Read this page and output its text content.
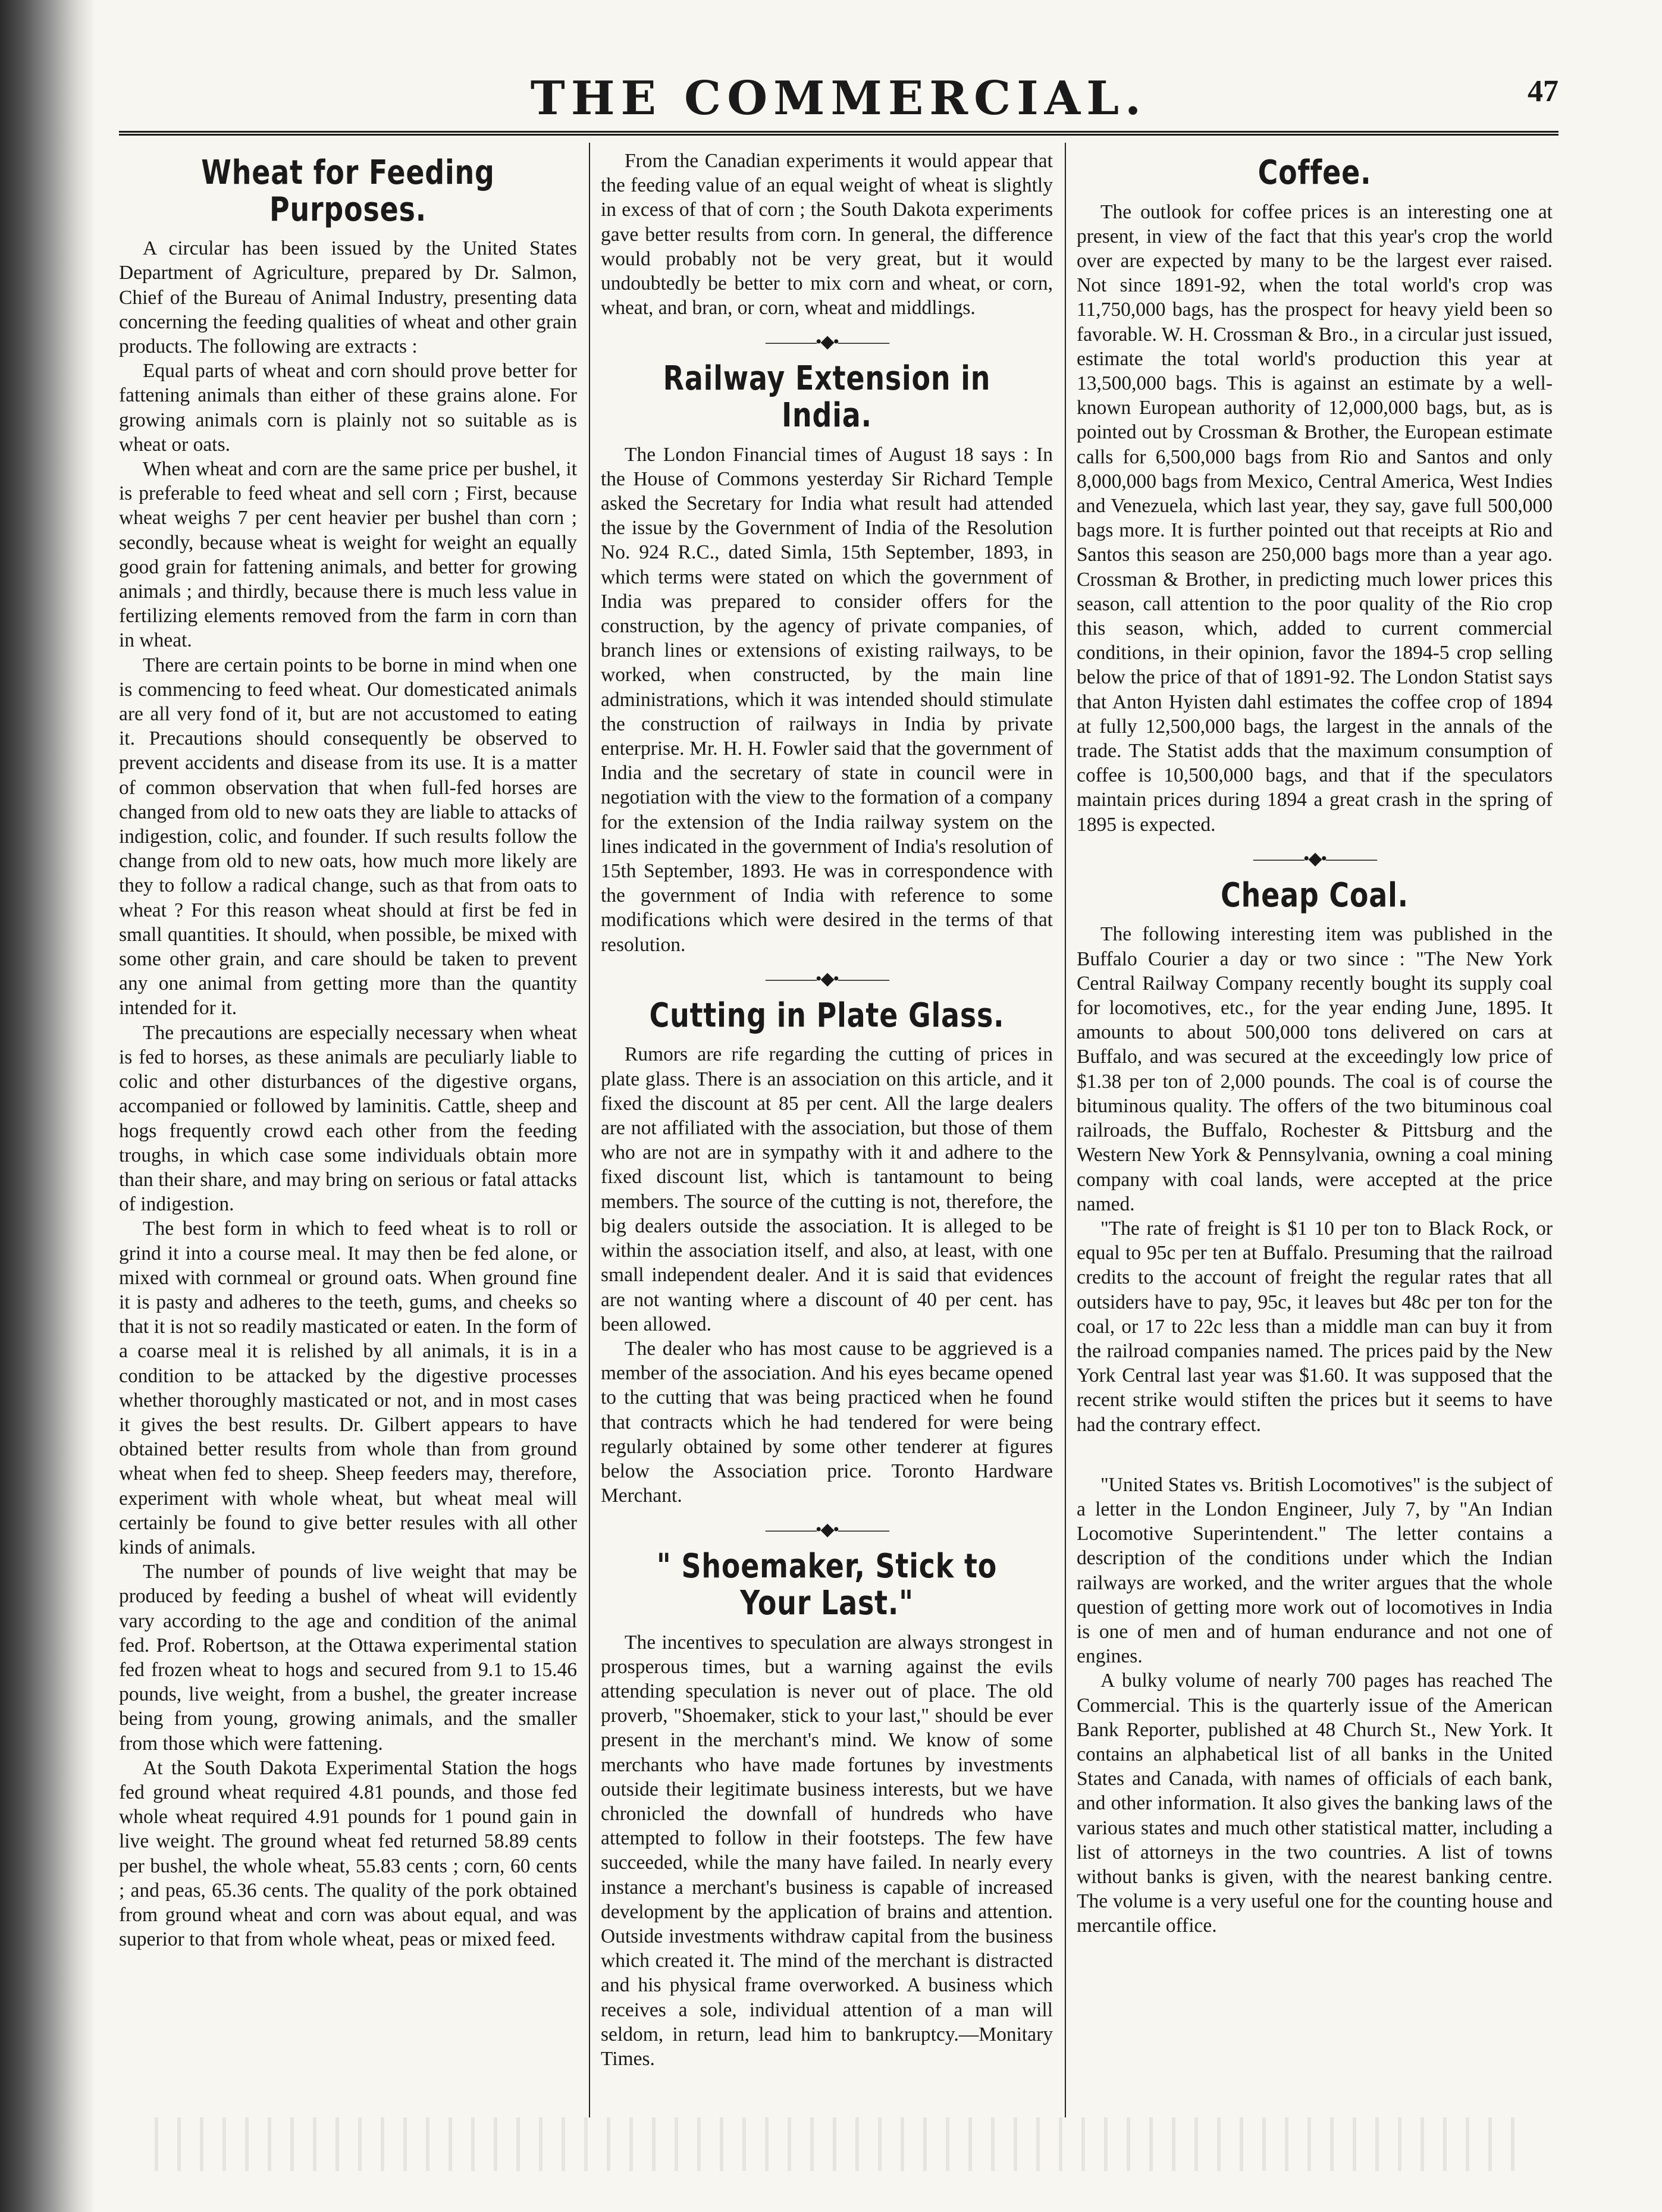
THE COMMERCIAL.	47
Wheat for Feeding Purposes.

A circular has been issued by the United States Department of Agriculture, prepared by Dr. Salmon, Chief of the Bureau of Animal Industry, presenting data concerning the feeding qualities of wheat and other grain products. The following are extracts :

Equal parts of wheat and corn should prove better for fattening animals than either of these grains alone. For growing animals corn is plainly not so suitable as is wheat or oats.

When wheat and corn are the same price per bushel, it is preferable to feed wheat and sell corn ; First, because wheat weighs 7 per cent heavier per bushel than corn ; secondly, because wheat is weight for weight an equally good grain for fattening animals, and better for growing animals ; and thirdly, because there is much less value in fertilizing elements removed from the farm in corn than in wheat.

There are certain points to be borne in mind when one is commencing to feed wheat. Our domesticated animals are all very fond of it, but are not accustomed to eating it. Precautions should consequently be observed to prevent accidents and disease from its use. It is a matter of common observation that when full-fed horses are changed from old to new oats they are liable to attacks of indigestion, colic, and founder. If such results follow the change from old to new oats, how much more likely are they to follow a radical change, such as that from oats to wheat ? For this reason wheat should at first be fed in small quantities. It should, when possible, be mixed with some other grain, and care should be taken to prevent any one animal from getting more than the quantity intended for it.

The precautions are especially necessary when wheat is fed to horses, as these animals are peculiarly liable to colic and other disturbances of the digestive organs, accompanied or followed by laminitis. Cattle, sheep and hogs frequently crowd each other from the feeding troughs, in which case some individuals obtain more than their share, and may bring on serious or fatal attacks of indigestion.

The best form in which to feed wheat is to roll or grind it into a course meal. It may then be fed alone, or mixed with cornmeal or ground oats. When ground fine it is pasty and adheres to the teeth, gums, and cheeks so that it is not so readily masticated or eaten. In the form of a coarse meal it is relished by all animals, it is in a condition to be attacked by the digestive processes whether thoroughly masticated or not, and in most cases it gives the best results. Dr. Gilbert appears to have obtained better results from whole than from ground wheat when fed to sheep. Sheep feeders may, therefore, experiment with whole wheat, but wheat meal will certainly be found to give better resules with all other kinds of animals.

The number of pounds of live weight that may be produced by feeding a bushel of wheat will evidently vary according to the age and condition of the animal fed. Prof. Robertson, at the Ottawa experimental station fed frozen wheat to hogs and secured from 9.1 to 15.46 pounds, live weight, from a bushel, the greater increase being from young, growing animals, and the smaller from those which were fattening.

At the South Dakota Experimental Station the hogs fed ground wheat required 4.81 pounds, and those fed whole wheat required 4.91 pounds for 1 pound gain in live weight. The ground wheat fed returned 58.89 cents per bushel, the whole wheat, 55.83 cents ; corn, 60 cents ; and peas, 65.36 cents. The quality of the pork obtained from ground wheat and corn was about equal, and was superior to that from whole wheat, peas or mixed feed.

From the Canadian experiments it would appear that the feeding value of an equal weight of wheat is slightly in excess of that of corn ; the South Dakota experiments gave better results from corn. In general, the difference would probably not be very great, but it would undoubtedly be better to mix corn and wheat, or corn, wheat, and bran, or corn, wheat and middlings.

———•◆•———
Railway Extension in India.

The London Financial times of August 18 says : In the House of Commons yesterday Sir Richard Temple asked the Secretary for India what result had attended the issue by the Government of India of the Resolution No. 924 R.C., dated Simla, 15th September, 1893, in which terms were stated on which the government of India was prepared to consider offers for the construction, by the agency of private companies, of branch lines or extensions of existing railways, to be worked, when constructed, by the main line administrations, which it was intended should stimulate the construction of railways in India by private enterprise. Mr. H. H. Fowler said that the government of India and the secretary of state in council were in negotiation with the view to the formation of a company for the extension of the India railway system on the lines indicated in the government of India's resolution of 15th September, 1893. He was in correspondence with the government of India with reference to some modifications which were desired in the terms of that resolution.

———•◆•———
Cutting in Plate Glass.

Rumors are rife regarding the cutting of prices in plate glass. There is an association on this article, and it fixed the discount at 85 per cent. All the large dealers are not affiliated with the association, but those of them who are not are in sympathy with it and adhere to the fixed discount list, which is tantamount to being members. The source of the cutting is not, therefore, the big dealers outside the association. It is alleged to be within the association itself, and also, at least, with one small independent dealer. And it is said that evidences are not wanting where a discount of 40 per cent. has been allowed.

The dealer who has most cause to be aggrieved is a member of the association. And his eyes became opened to the cutting that was being practiced when he found that contracts which he had tendered for were being regularly obtained by some other tenderer at figures below the Association price. Toronto Hardware Merchant.

———•◆•———
" Shoemaker, Stick to Your Last."

The incentives to speculation are always strongest in prosperous times, but a warning against the evils attending speculation is never out of place. The old proverb, "Shoemaker, stick to your last," should be ever present in the merchant's mind. We know of some merchants who have made fortunes by investments outside their legitimate business interests, but we have chronicled the downfall of hundreds who have attempted to follow in their footsteps. The few have succeeded, while the many have failed. In nearly every instance a merchant's business is capable of increased development by the application of brains and attention. Outside investments withdraw capital from the business which created it. The mind of the merchant is distracted and his physical frame overworked. A business which receives a sole, individual attention of a man will seldom, in return, lead him to bankruptcy.—Monitary Times.

Coffee.

The outlook for coffee prices is an interesting one at present, in view of the fact that this year's crop the world over are expected by many to be the largest ever raised. Not since 1891-92, when the total world's crop was 11,750,000 bags, has the prospect for heavy yield been so favorable. W. H. Crossman & Bro., in a circular just issued, estimate the total world's production this year at 13,500,000 bags. This is against an estimate by a well-known European authority of 12,000,000 bags, but, as is pointed out by Crossman & Brother, the European estimate calls for 6,500,000 bags from Rio and Santos and only 8,000,000 bags from Mexico, Central America, West Indies and Venezuela, which last year, they say, gave full 500,000 bags more. It is further pointed out that receipts at Rio and Santos this season are 250,000 bags more than a year ago. Crossman & Brother, in predicting much lower prices this season, call attention to the poor quality of the Rio crop this season, which, added to current commercial conditions, in their opinion, favor the 1894-5 crop selling below the price of that of 1891-92. The London Statist says that Anton Hyisten dahl estimates the coffee crop of 1894 at fully 12,500,000 bags, the largest in the annals of the trade. The Statist adds that the maximum consumption of coffee is 10,500,000 bags, and that if the speculators maintain prices during 1894 a great crash in the spring of 1895 is expected.

———•◆•———
Cheap Coal.

The following interesting item was published in the Buffalo Courier a day or two since : "The New York Central Railway Company recently bought its supply coal for locomotives, etc., for the year ending June, 1895. It amounts to about 500,000 tons delivered on cars at Buffalo, and was secured at the exceedingly low price of $1.38 per ton of 2,000 pounds. The coal is of course the bituminous quality. The offers of the two bituminous coal railroads, the Buffalo, Rochester & Pittsburg and the Western New York & Pennsylvania, owning a coal mining company with coal lands, were accepted at the price named.

"The rate of freight is $1 10 per ton to Black Rock, or equal to 95c per ten at Buffalo. Presuming that the railroad credits to the account of freight the regular rates that all outsiders have to pay, 95c, it leaves but 48c per ton for the coal, or 17 to 22c less than a middle man can buy it from the railroad companies named. The prices paid by the New York Central last year was $1.60. It was supposed that the recent strike would stiften the prices but it seems to have had the contrary effect.

"United States vs. British Locomotives" is the subject of a letter in the London Engineer, July 7, by "An Indian Locomotive Superintendent." The letter contains a description of the conditions under which the Indian railways are worked, and the writer argues that the whole question of getting more work out of locomotives in India is one of men and of human endurance and not one of engines.

A bulky volume of nearly 700 pages has reached The Commercial. This is the quarterly issue of the American Bank Reporter, published at 48 Church St., New York. It contains an alphabetical list of all banks in the United States and Canada, with names of officials of each bank, and other information. It also gives the banking laws of the various states and much other statistical matter, including a list of attorneys in the two countries. A list of towns without banks is given, with the nearest banking centre. The volume is a very useful one for the counting house and mercantile office.
